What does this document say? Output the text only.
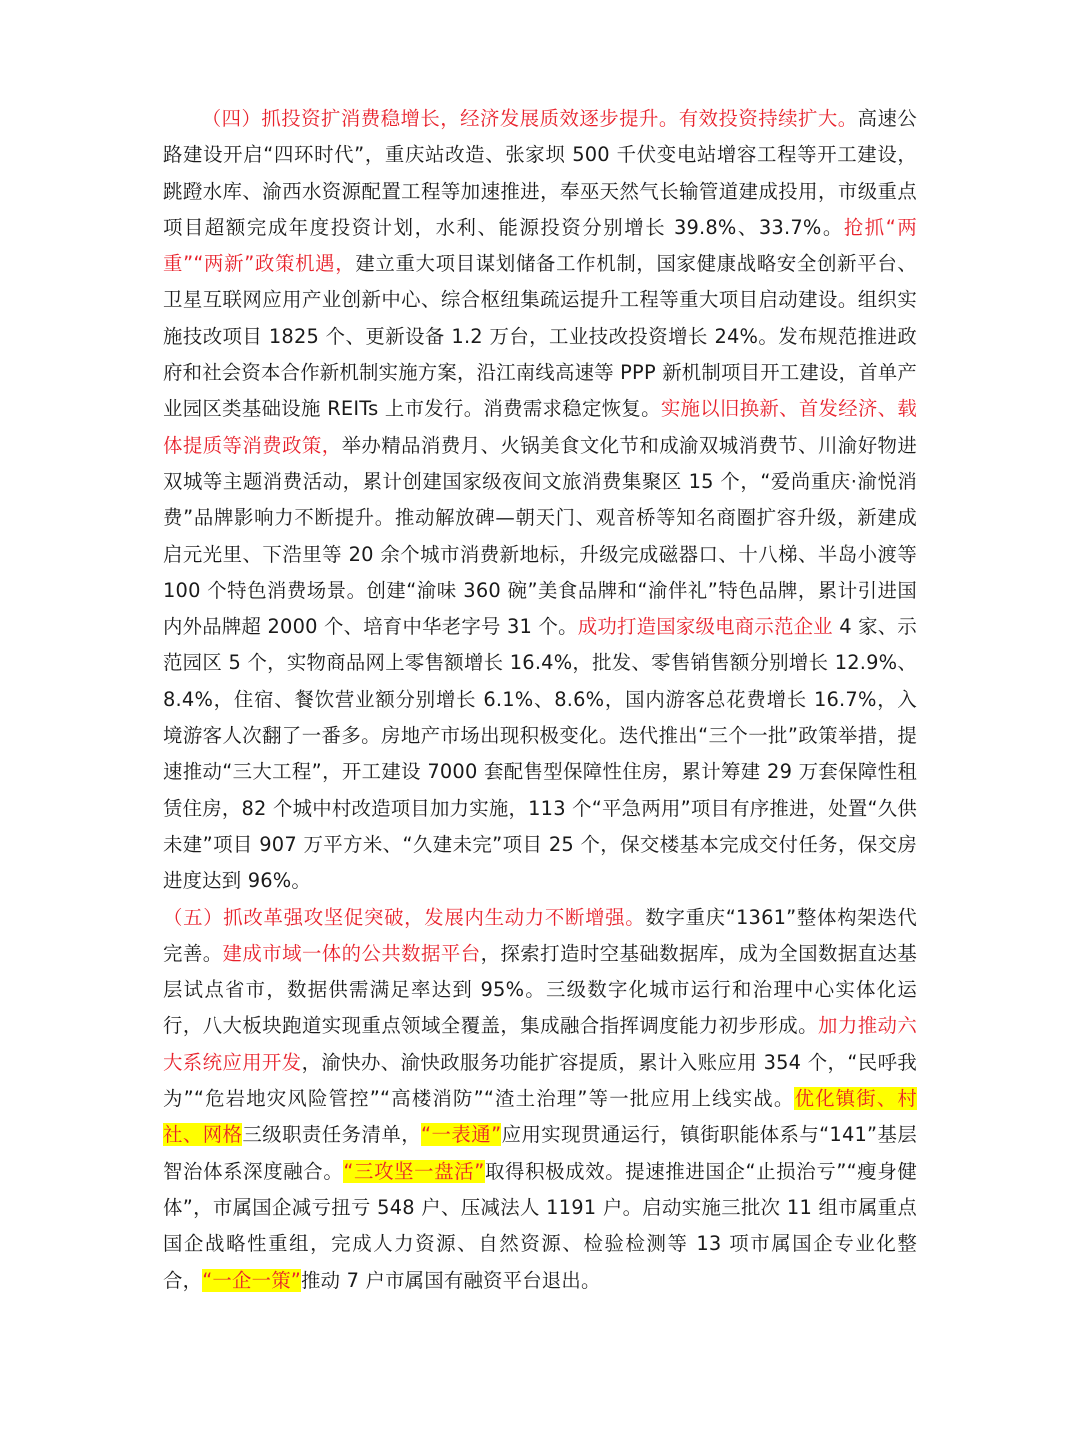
（四）抓投资扩消费稳增长，经济发展质效逐步提升。有效投资持续扩大。高速公路建设开启“四环时代”，重庆站改造、张家坝 500 千伏变电站增容工程等开工建设，跳蹬水库、渝西水资源配置工程等加速推进，奉巫天然气长输管道建成投用，市级重点项目超额完成年度投资计划，水利、能源投资分别增长 39.8%、33.7%。抢抓“两重”“两新”政策机遇，建立重大项目谋划储备工作机制，国家健康战略安全创新平台、卫星互联网应用产业创新中心、综合枢纽集疏运提升工程等重大项目启动建设。组织实施技改项目 1825 个、更新设备 1.2 万台，工业技改投资增长 24%。发布规范推进政府和社会资本合作新机制实施方案，沿江南线高速等 PPP 新机制项目开工建设，首单产业园区类基础设施 REITs 上市发行。消费需求稳定恢复。实施以旧换新、首发经济、载体提质等消费政策，举办精品消费月、火锅美食文化节和成渝双城消费节、川渝好物进双城等主题消费活动，累计创建国家级夜间文旅消费集聚区 15 个，“爱尚重庆·渝悦消费”品牌影响力不断提升。推动解放碑—朝天门、观音桥等知名商圈扩容升级，新建成启元光里、下浩里等 20 余个城市消费新地标，升级完成磁器口、十八梯、半岛小渡等 100 个特色消费场景。创建“渝味 360 碗”美食品牌和“渝伴礼”特色品牌，累计引进国内外品牌超 2000 个、培育中华老字号 31 个。成功打造国家级电商示范企业 4 家、示范园区 5 个，实物商品网上零售额增长 16.4%，批发、零售销售额分别增长 12.9%、8.4%，住宿、餐饮营业额分别增长 6.1%、8.6%，国内游客总花费增长 16.7%，入境游客人次翻了一番多。房地产市场出现积极变化。迭代推出“三个一批”政策举措，提速推动“三大工程”，开工建设 7000 套配售型保障性住房，累计筹建 29 万套保障性租赁住房，82 个城中村改造项目加力实施，113 个“平急两用”项目有序推进，处置“久供未建”项目 907 万平方米、“久建未完”项目 25 个，保交楼基本完成交付任务，保交房进度达到 96%。

（五）抓改革强攻坚促突破，发展内生动力不断增强。数字重庆“1361”整体构架迭代完善。建成市域一体的公共数据平台，探索打造时空基础数据库，成为全国数据直达基层试点省市，数据供需满足率达到 95%。三级数字化城市运行和治理中心实体化运行，八大板块跑道实现重点领域全覆盖，集成融合指挥调度能力初步形成。加力推动六大系统应用开发，渝快办、渝快政服务功能扩容提质，累计入账应用 354 个，“民呼我为”“危岩地灾风险管控”“高楼消防”“渣土治理”等一批应用上线实战。优化镇街、村社、网格三级职责任务清单，“一表通”应用实现贯通运行，镇街职能体系与“141”基层智治体系深度融合。“三攻坚一盘活”取得积极成效。提速推进国企“止损治亏”“瘦身健体”，市属国企减亏扭亏 548 户、压减法人 1191 户。启动实施三批次 11 组市属重点国企战略性重组，完成人力资源、自然资源、检验检测等 13 项市属国企专业化整合，“一企一策”推动 7 户市属国有融资平台退出。
